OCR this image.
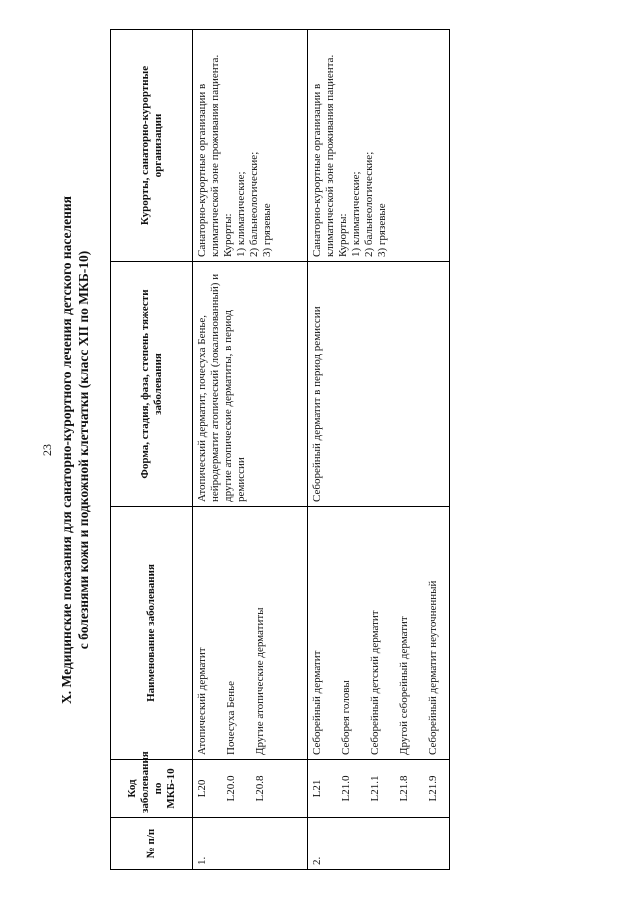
23 X. Медицинские показания для санаторно-курортного лечения детского населения с болезнями кожи и подкожной клетчатки (класс XII по МКБ-10)
№ п/п	Код заболевания по МКБ-10	Наименование заболевания	Форма, стадия, фаза, степень тяжести заболевания	Курорты, санаторно-курортные организации
1.	L20 L20.0 L20.8	Атопический дерматит Почесуха Бенье Другие атопические дерматиты	Атопический дерматит, почесуха Бенье, нейродерматит атопический (локализованный) и другие атопические дерматиты, в период ремиссии	Санаторно-курортные организации в климатической зоне проживания пациента.
Курорты:
1) климатические;
2) бальнеологические;
3) грязевые
2.	L21 L21.0 L21.1 L21.8 L21.9	Себорейный дерматит Себорея головы Себорейный детский дерматит Другой себорейный дерматит Себорейный дерматит неуточненный	Себорейный дерматит в период ремиссии	Санаторно-курортные организации в климатической зоне проживания пациента.
Курорты:
1) климатические;
2) бальнеологические;
3) грязевые
